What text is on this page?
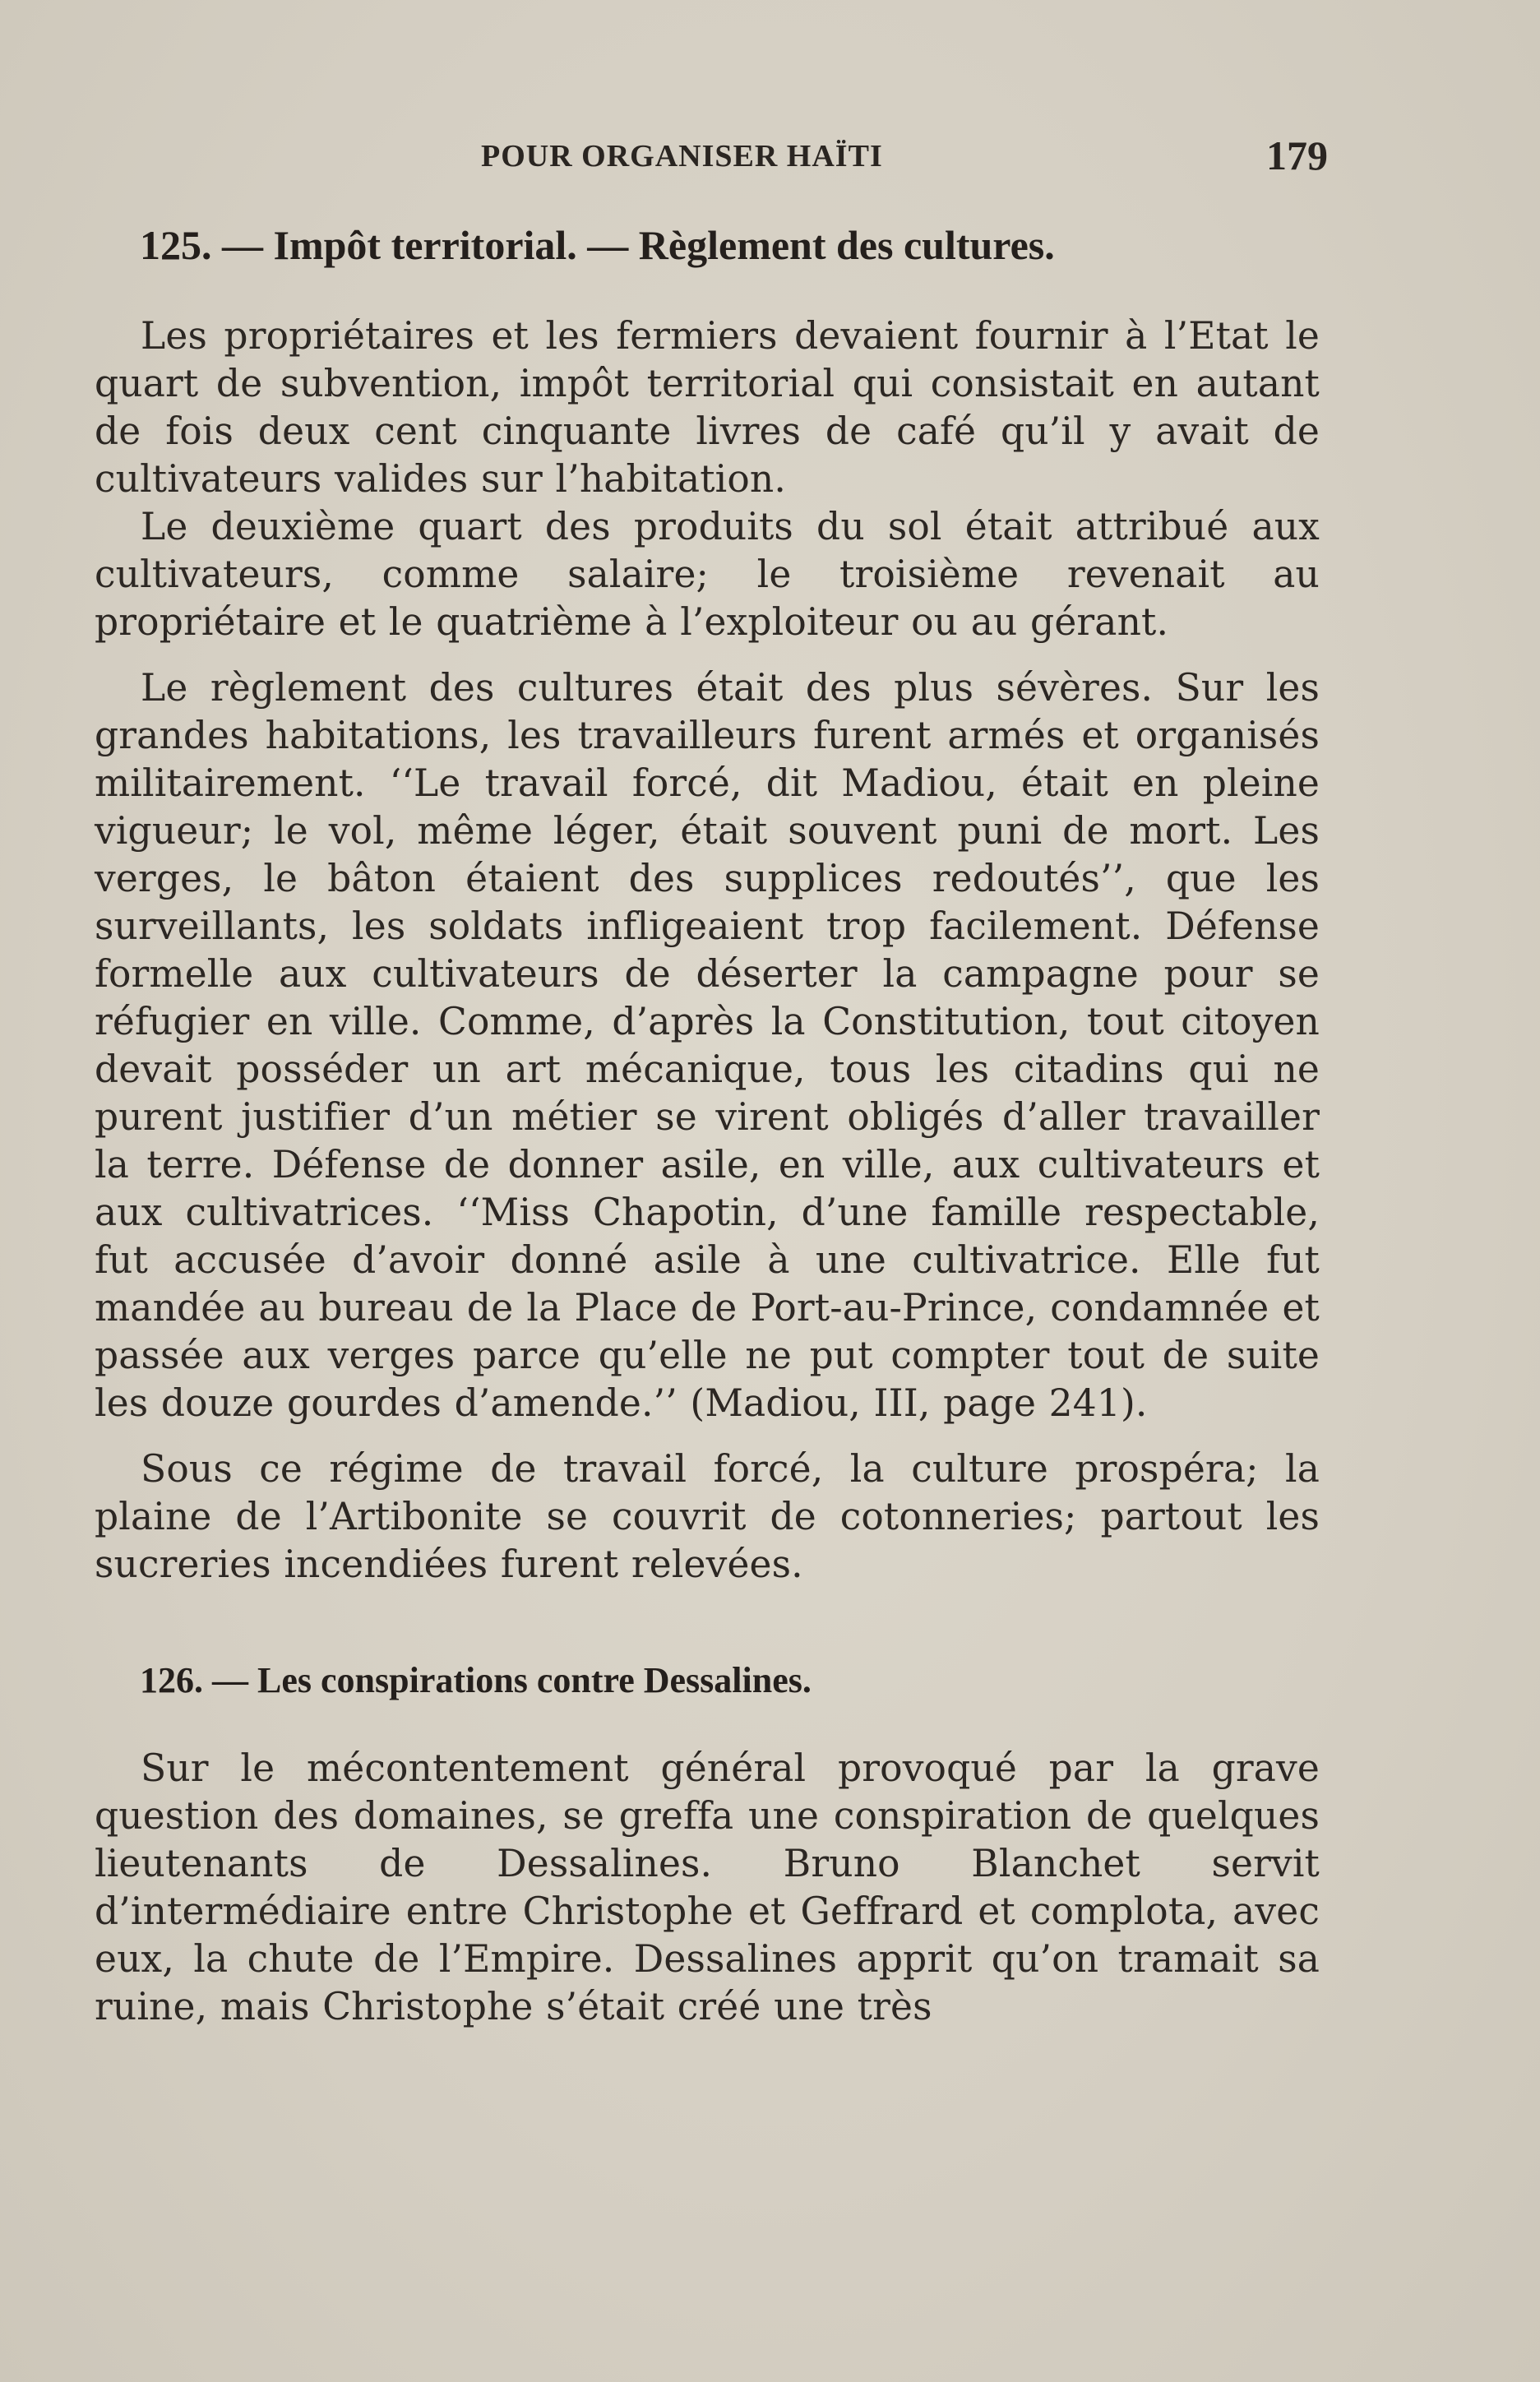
POUR ORGANISER HAÏTI	179
125. — Impôt territorial. — Règlement des cultures.

Les propriétaires et les fermiers devaient fournir à l’Etat le quart de subvention, impôt territorial qui consistait en autant de fois deux cent cinquante livres de café qu’il y avait de cultivateurs valides sur l’habitation.

Le deuxième quart des produits du sol était attribué aux cultivateurs, comme salaire; le troisième revenait au propriétaire et le quatrième à l’exploiteur ou au gérant.

Le règlement des cultures était des plus sévères. Sur les grandes habitations, les travailleurs furent armés et organisés militairement. ‘‘Le travail forcé, dit Madiou, était en pleine vigueur; le vol, même léger, était souvent puni de mort. Les verges, le bâton étaient des supplices redoutés’’, que les surveillants, les soldats infligeaient trop facilement. Défense formelle aux cultivateurs de déserter la campagne pour se réfugier en ville. Comme, d’après la Constitution, tout citoyen devait posséder un art mécanique, tous les citadins qui ne purent justifier d’un métier se virent obligés d’aller travailler la terre. Défense de donner asile, en ville, aux cultivateurs et aux cultivatrices. ‘‘Miss Chapotin, d’une famille respectable, fut accusée d’avoir donné asile à une cultivatrice. Elle fut mandée au bureau de la Place de Port-au-Prince, condamnée et passée aux verges parce qu’elle ne put compter tout de suite les douze gourdes d’amende.’’ (Madiou, III, page 241).

Sous ce régime de travail forcé, la culture prospéra; la plaine de l’Artibonite se couvrit de cotonneries; partout les sucreries incendiées furent relevées.

126. — Les conspirations contre Dessalines.

Sur le mécontentement général provoqué par la grave question des domaines, se greffa une conspiration de quelques lieutenants de Dessalines. Bruno Blanchet servit d’intermédiaire entre Christophe et Geffrard et complota, avec eux, la chute de l’Empire. Dessalines apprit qu’on tramait sa ruine, mais Christophe s’était créé une très
